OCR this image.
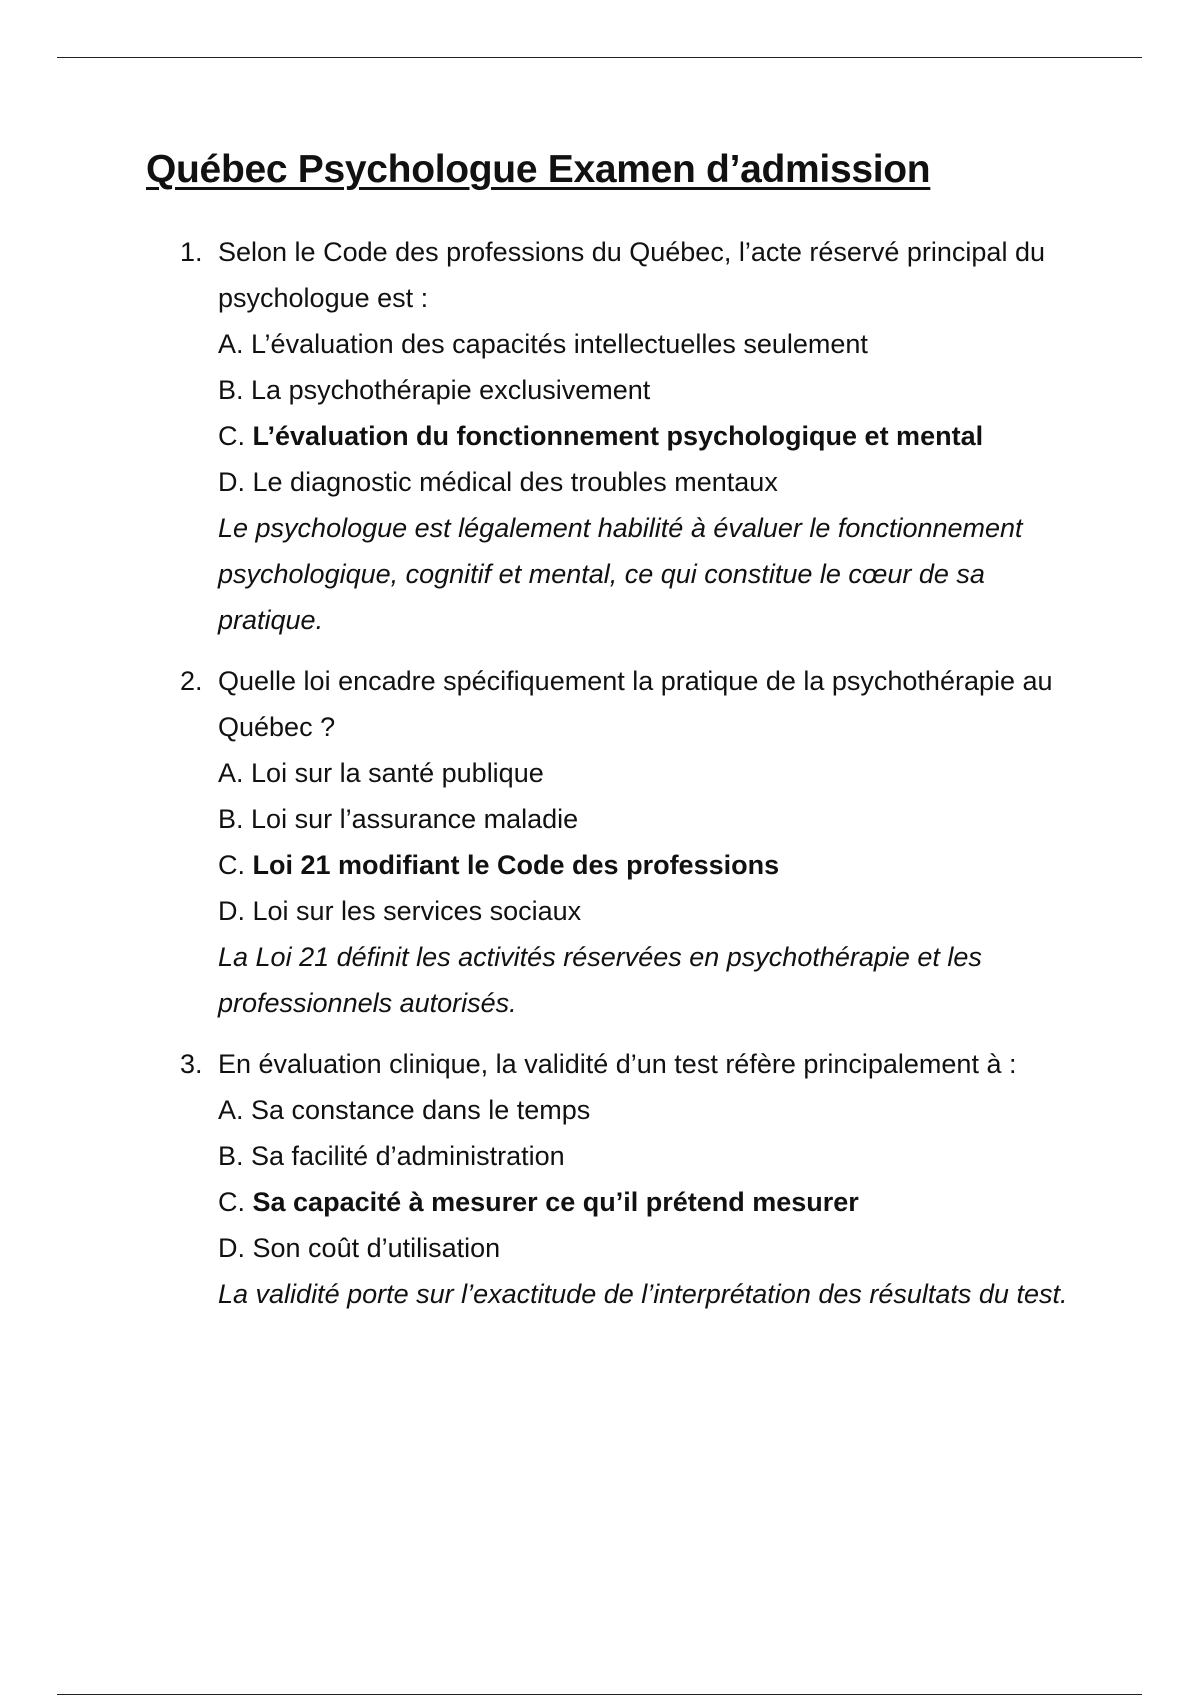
Québec Psychologue Examen d’admission
1. Selon le Code des professions du Québec, l’acte réservé principal du psychologue est :
A. L’évaluation des capacités intellectuelles seulement
B. La psychothérapie exclusivement
C. L’évaluation du fonctionnement psychologique et mental
D. Le diagnostic médical des troubles mentaux
Le psychologue est légalement habilité à évaluer le fonctionnement psychologique, cognitif et mental, ce qui constitue le cœur de sa pratique.
2. Quelle loi encadre spécifiquement la pratique de la psychothérapie au Québec ?
A. Loi sur la santé publique
B. Loi sur l’assurance maladie
C. Loi 21 modifiant le Code des professions
D. Loi sur les services sociaux
La Loi 21 définit les activités réservées en psychothérapie et les professionnels autorisés.
3. En évaluation clinique, la validité d’un test réfère principalement à :
A. Sa constance dans le temps
B. Sa facilité d’administration
C. Sa capacité à mesurer ce qu’il prétend mesurer
D. Son coût d’utilisation
La validité porte sur l’exactitude de l’interprétation des résultats du test.
